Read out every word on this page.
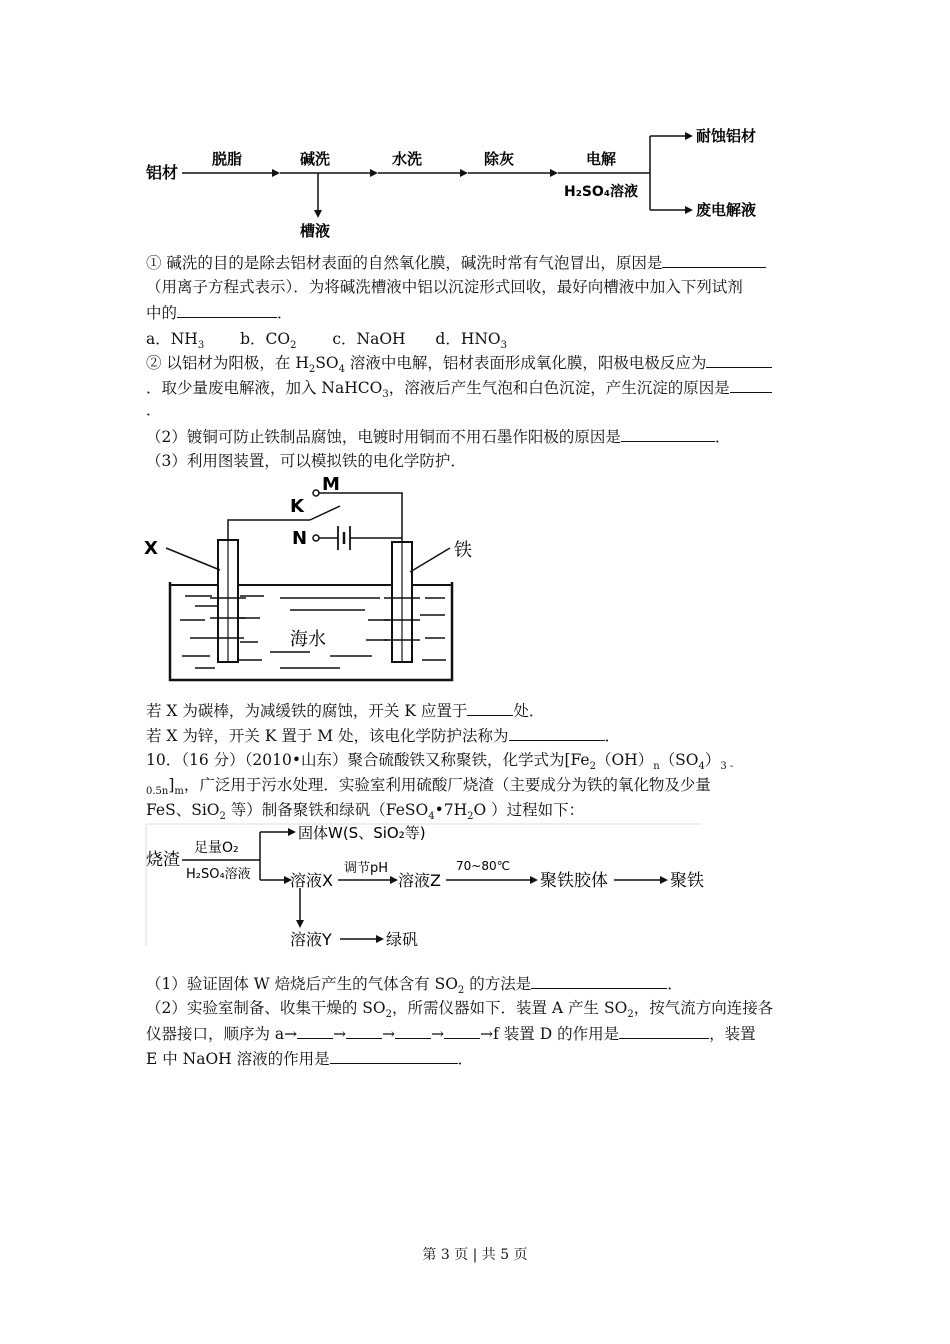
铝材
脱脂	碱洗
槽液
水洗	除灰	电解
H₂SO₄溶液
耐蚀铝材
废电解液
① 碱洗的目的是除去铝材表面的自然氧化膜，碱洗时常有气泡冒出，原因是
（用离子方程式表示）．为将碱洗槽液中铝以沉淀形式回收，最好向槽液中加入下列试剂
中的	．
a．$NH_3$ b．$CO_2$ c．NaOH d．$HNO_3$
② 以铝材为阳极，在 $H_2SO_4$ 溶液中电解，铝材表面形成氧化膜，阳极电极反应为
．取少量废电解液，加入 NaHCO$_3$，溶液后产生气泡和白色沉淀，产生沉淀的原因是
．
（2）镀铜可防止铁制品腐蚀，电镀时用铜而不用石墨作阳极的原因是	．
（3）利用图装置，可以模拟铁的电化学防护．
M
K
N
X	铁
海水
若 X 为碳棒，为减缓铁的腐蚀，开关 K 应置于	处．
若 X 为锌，开关 K 置于 M 处，该电化学防护法称为	．
10．（16 分）（2010•山东）聚合硫酸铁又称聚铁，化学式为[$Fe_2(OH)_n(SO_4)_{3 -}$
$_{0.5n}]_m$，广泛用于污水处理．实验室利用硫酸厂烧渣（主要成分为铁的氧化物及少量
FeS、SiO$_2$ 等）制备聚铁和绿矾（$FeSO_4•7H_2O$ ）过程如下：
烧渣
足量O₂
H₂SO₄溶液
固体W(S、SiO₂等)
溶液X
调节pH
溶液Z
70~80℃
聚铁胶体	聚铁
溶液Y	绿矾
（1）验证固体 W 焙烧后产生的气体含有 $SO_2$ 的方法是	．
（2）实验室制备、收集干燥的 $SO_2$，所需仪器如下．装置 A 产生 $SO_2$，按气流方向连接各
仪器接口，顺序为 a→ → → → →f 装置 D 的作用是	，装置
E 中 NaOH 溶液的作用是	．
第 3 页 | 共 5 页
